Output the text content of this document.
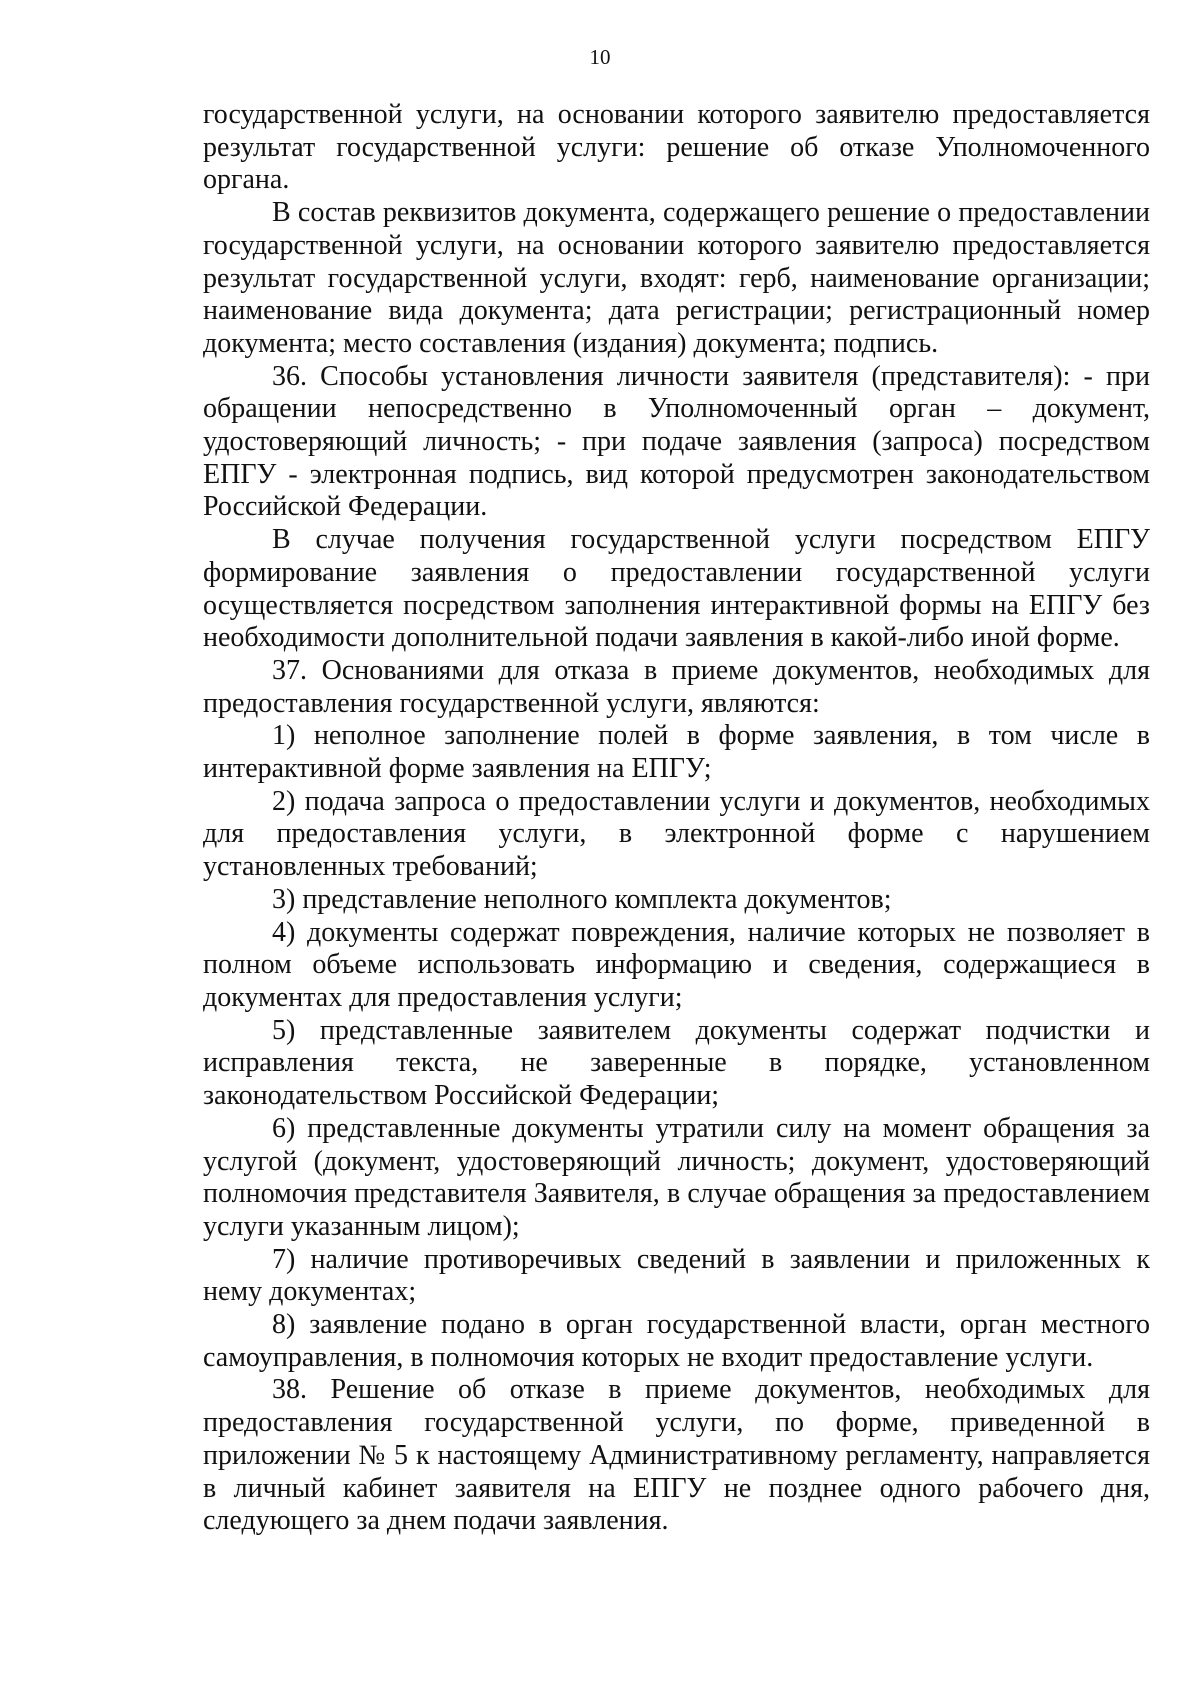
10

государственной услуги, на основании которого заявителю предоставляется результат государственной услуги: решение об отказе Уполномоченного органа.

В состав реквизитов документа, содержащего решение о предоставлении государственной услуги, на основании которого заявителю предоставляется результат государственной услуги, входят: герб, наименование организации; наименование вида документа; дата регистрации; регистрационный номер документа; место составления (издания) документа; подпись.

36. Способы установления личности заявителя (представителя): - при обращении непосредственно в Уполномоченный орган – документ, удостоверяющий личность; - при подаче заявления (запроса) посредством ЕПГУ - электронная подпись, вид которой предусмотрен законодательством Российской Федерации.

В случае получения государственной услуги посредством ЕПГУ формирование заявления о предоставлении государственной услуги осуществляется посредством заполнения интерактивной формы на ЕПГУ без необходимости дополнительной подачи заявления в какой-либо иной форме.

37. Основаниями для отказа в приеме документов, необходимых для предоставления государственной услуги, являются:

1) неполное заполнение полей в форме заявления, в том числе в интерактивной форме заявления на ЕПГУ;

2) подача запроса о предоставлении услуги и документов, необходимых для предоставления услуги, в электронной форме с нарушением установленных требований;

3) представление неполного комплекта документов;

4) документы содержат повреждения, наличие которых не позволяет в полном объеме использовать информацию и сведения, содержащиеся в документах для предоставления услуги;

5) представленные заявителем документы содержат подчистки и исправления текста, не заверенные в порядке, установленном законодательством Российской Федерации;

6) представленные документы утратили силу на момент обращения за услугой (документ, удостоверяющий личность; документ, удостоверяющий полномочия представителя Заявителя, в случае обращения за предоставлением услуги указанным лицом);

7) наличие противоречивых сведений в заявлении и приложенных к нему документах;

8) заявление подано в орган государственной власти, орган местного самоуправления, в полномочия которых не входит предоставление услуги.

38. Решение об отказе в приеме документов, необходимых для предоставления государственной услуги, по форме, приведенной в приложении № 5 к настоящему Административному регламенту, направляется в личный кабинет заявителя на ЕПГУ не позднее одного рабочего дня, следующего за днем подачи заявления.
